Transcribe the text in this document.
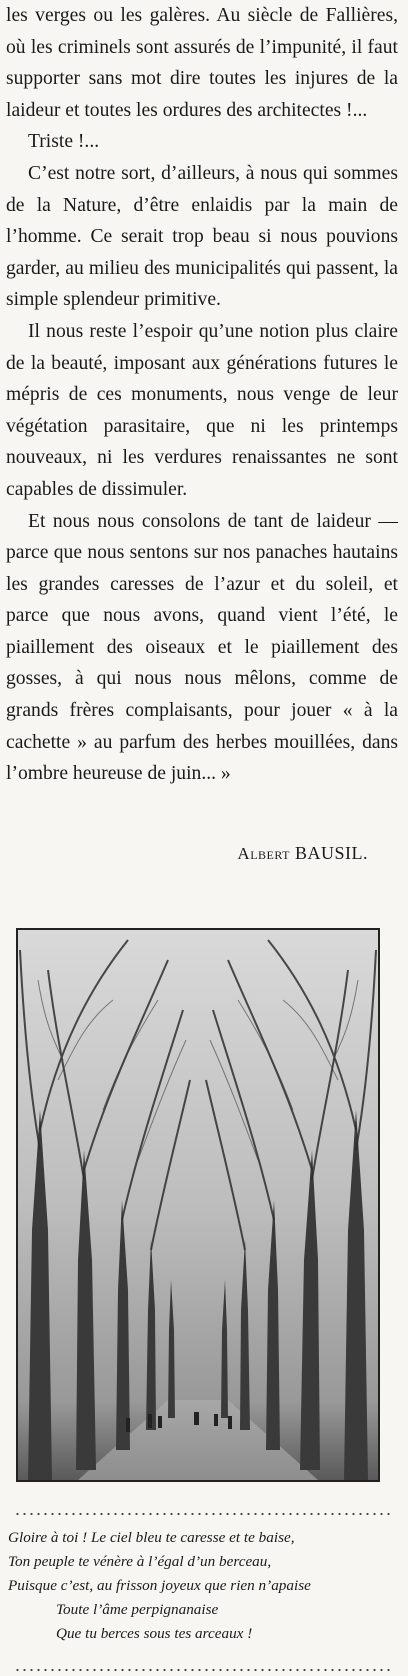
les verges ou les galères. Au siècle de Fallières, où les criminels sont assurés de l’impunité, il faut supporter sans mot dire toutes les injures de la laideur et toutes les ordures des architectes !...

Triste !...

C’est notre sort, d’ailleurs, à nous qui sommes de la Nature, d’être enlaidis par la main de l’homme. Ce serait trop beau si nous pouvions garder, au milieu des municipalités qui passent, la simple splendeur primitive.

Il nous reste l’espoir qu’une notion plus claire de la beauté, imposant aux générations futures le mépris de ces monuments, nous venge de leur végétation parasitaire, que ni les printemps nouveaux, ni les verdures renaissantes ne sont capables de dissimuler.

Et nous nous consolons de tant de laideur — parce que nous sentons sur nos panaches hautains les grandes caresses de l’azur et du soleil, et parce que nous avons, quand vient l’été, le piaillement des oiseaux et le piaillement des gosses, à qui nous nous mêlons, comme de grands frères complaisants, pour jouer « à la cachette » au parfum des herbes mouillées, dans l’ombre heureuse de juin... »

Albert BAUSIL.
Gloire à toi ! Le ciel bleu te caresse et te baise,
Ton peuple te vénère à l’égal d’un berceau,
Puisque c’est, au frisson joyeux que rien n’apaise
Toute l’âme perpignanaise
Que tu berces sous tes arceaux !
